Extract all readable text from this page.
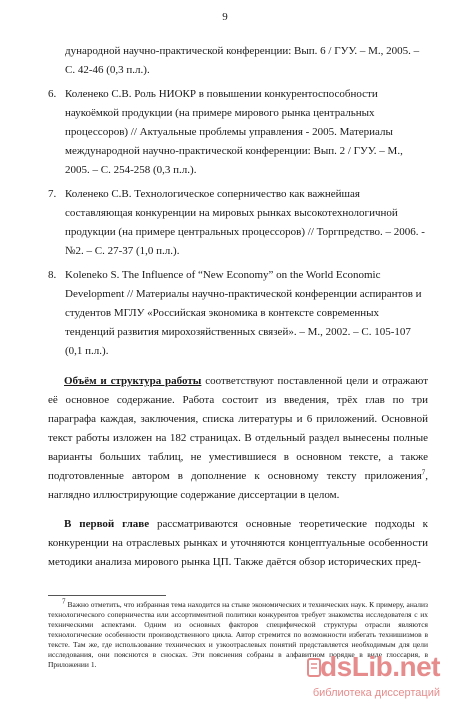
9

дународной научно-практической конференции: Вып. 6 / ГУУ. – М., 2005. – С. 42-46 (0,3 п.л.).

6. Коленеко С.В. Роль НИОКР в повышении конкурентоспособности наукоёмкой продукции (на примере мирового рынка центральных процессоров) // Актуальные проблемы управления - 2005. Материалы международной научно-практической конференции: Вып. 2 / ГУУ. – М., 2005. – С. 254-258 (0,3 п.л.).

7. Коленеко С.В. Технологическое соперничество как важнейшая составляющая конкуренции на мировых рынках высокотехнологичной продукции (на примере центральных процессоров) // Торгпредство. – 2006. - №2. – С. 27-37 (1,0 п.л.).

8. Koleneko S. The Influence of “New Economy” on the World Economic Development // Материалы научно-практической конференции аспирантов и студентов МГЛУ «Российская экономика в контексте современных тенденций развития мирохозяйственных связей». – М., 2002. – С. 105-107 (0,1 п.л.).

Объём и структура работы соответствуют поставленной цели и отражают её основное содержание. Работа состоит из введения, трёх глав по три параграфа каждая, заключения, списка литературы и 6 приложений. Основной текст работы изложен на 182 страницах. В отдельный раздел вынесены полные варианты больших таблиц, не уместившиеся в основном тексте, а также подготовленные автором в дополнение к основному тексту приложения$^7$, наглядно иллюстрирующие содержание диссертации в целом.

В первой главе рассматриваются основные теоретические подходы к конкуренции на отраслевых рынках и уточняются концептуальные особенности методики анализа мирового рынка ЦП. Также даётся обзор исторических пред-

$^7$ Важно отметить, что избранная тема находится на стыке экономических и технических наук. К примеру, анализ технологического соперничества или ассортиментной политики конкурентов требует знакомства исследователя с их техническими аспектами. Одним из основных факторов специфической структуры отрасли являются технологические особенности производственного цикла. Автор стремится по возможности избегать технишизмов в тексте. Там же, где использование технических и узкоотраслевых понятий представляется необходимым для цели исследования, они пояснются в сносках. Эти пояснения собраны в алфавитном порядке в виде глоссария, в Приложении 1.	dsLib.net
библиотека диссертаций
